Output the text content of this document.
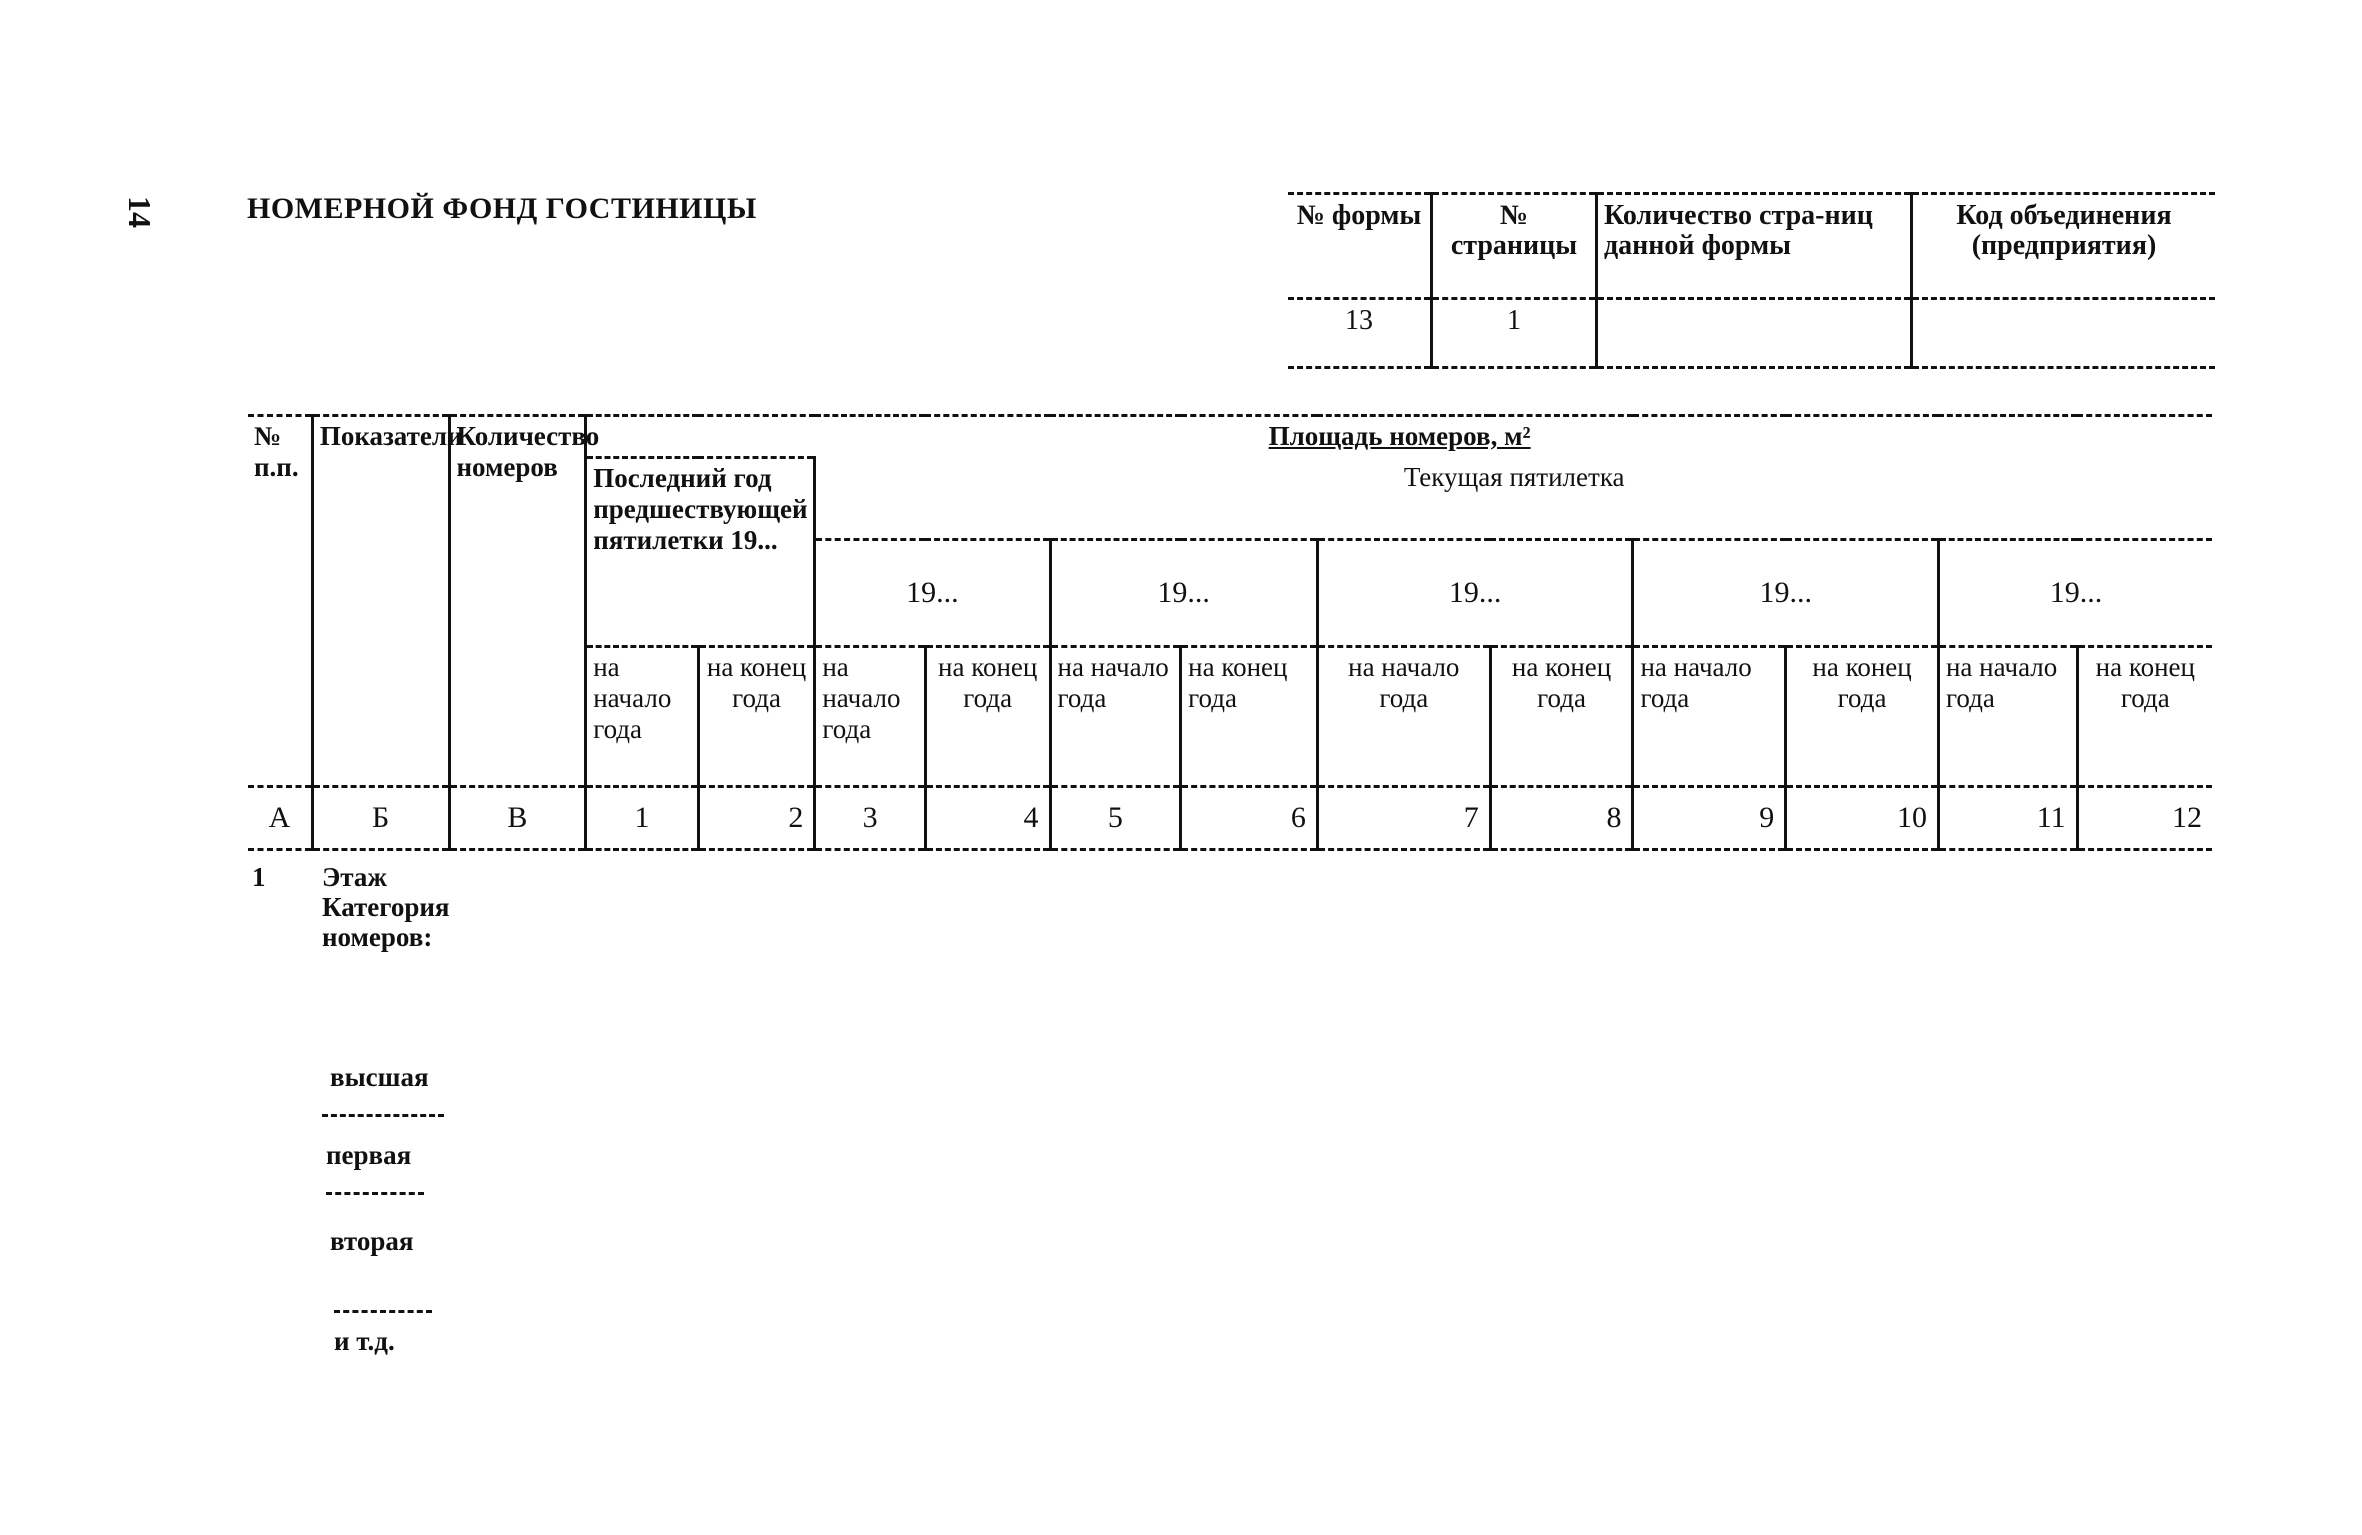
14	НОМЕРНОЙ ФОНД ГОСТИНИЦЫ	№ формы	№ страницы	Количество стра-ниц данной формы	Код объединения (предприятия)
13	1		
№ п.п.	Показатели	Количество номеров	Площадь номеров, м²											
			Последний год предшествующей пятилетки 19...		Текущая пятилетка									
					19...		19...		19...		19...		19...	
			на начало года	на конец года	на начало года	на конец года	на начало года	на конец года	на начало года	на конец года	на начало года	на конец года	на начало года	на конец года
А	Б	В	1	2	3	4	5	6	7	8	9	10	11	12
1 Этаж
Категория номеров:
высшая
первая
вторая
и т.д.
